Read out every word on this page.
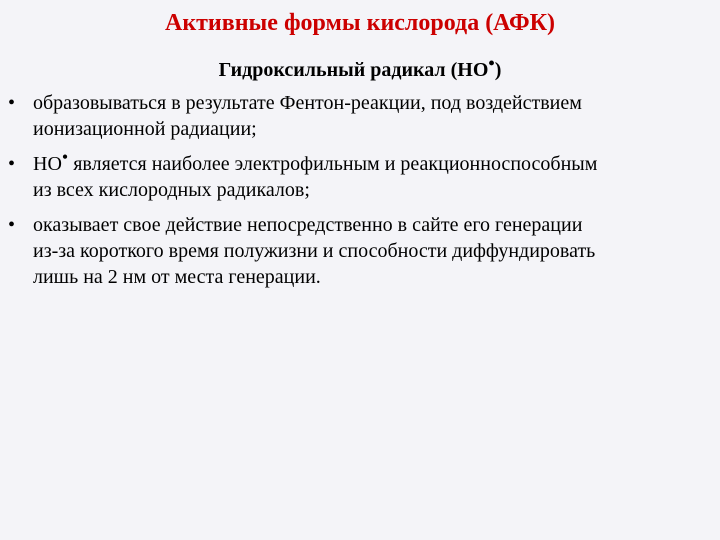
Активные формы кислорода (АФК)
Гидроксильный радикал (НО•)
• образовываться в результате Фентон-реакции, под воздействием
ионизационной радиации;
• НО• является наиболее электрофильным и реакционноспособным
из всех кислородных радикалов;
• оказывает свое действие непосредственно в сайте его генерации
из-за короткого время полужизни и способности диффундировать
лишь на 2 нм от места генерации.
